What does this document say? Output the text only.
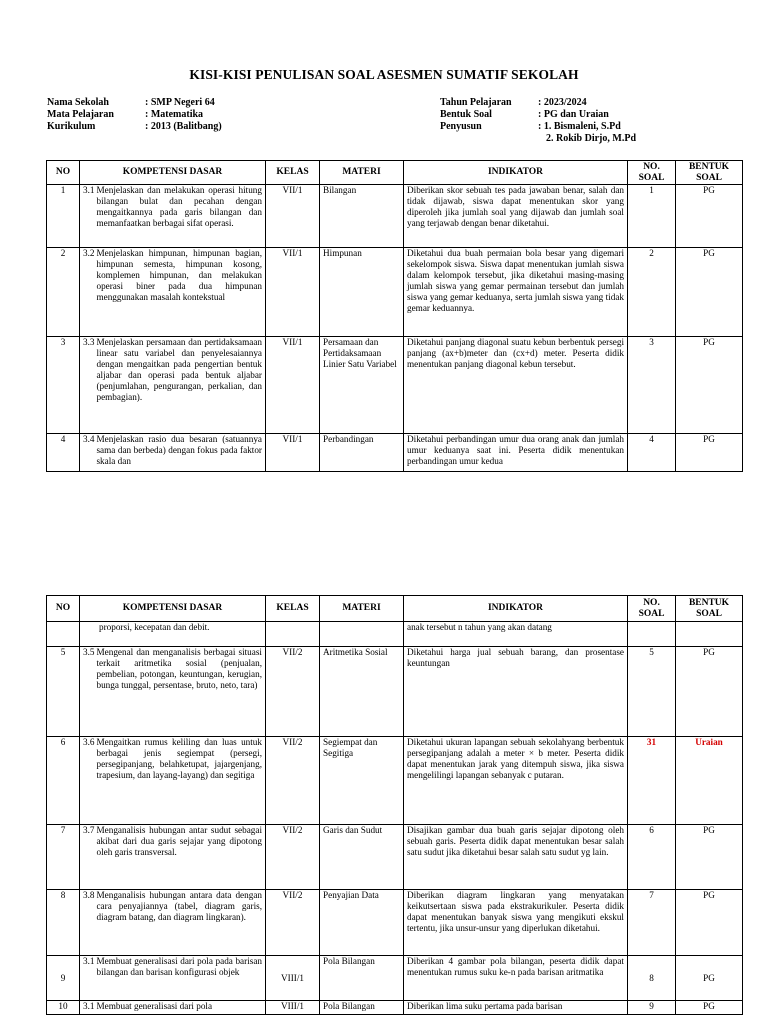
KISI-KISI PENULISAN SOAL ASESMEN SUMATIF SEKOLAH
Nama Sekolah	: SMP Negeri 64
Mata Pelajaran	: Matematika
Kurikulum	: 2013 (Balitbang)
Tahun Pelajaran	: 2023/2024
Bentuk Soal	: PG dan Uraian
Penyusun	: 1. Bismaleni, S.Pd
2. Rokib Dirjo, M.Pd
NO	KOMPETENSI DASAR	KELAS	MATERI	INDIKATOR	NO. SOAL	BENTUK SOAL
1	3.1 Menjelaskan dan melakukan operasi hitung bilangan bulat dan pecahan dengan mengaitkannya pada garis bilangan dan memanfaatkan berbagai sifat operasi.	VII/1	Bilangan	Diberikan skor sebuah tes pada jawaban benar, salah dan tidak dijawab, siswa dapat menentukan skor yang diperoleh jika jumlah soal yang dijawab dan jumlah soal yang terjawab dengan benar diketahui.	1	PG
2	3.2 Menjelaskan himpunan, himpunan bagian, himpunan semesta, himpunan kosong, komplemen himpunan, dan melakukan operasi biner pada dua himpunan menggunakan masalah kontekstual	VII/1	Himpunan	Diketahui dua buah permaian bola besar yang digemari sekelompok siswa. Siswa dapat menentukan jumlah siswa dalam kelompok tersebut, jika diketahui masing-masing jumlah siswa yang gemar permainan tersebut dan jumlah siswa yang gemar keduanya, serta jumlah siswa yang tidak gemar keduannya.	2	PG
3	3.3 Menjelaskan persamaan dan pertidaksamaan linear satu variabel dan penyelesaiannya dengan mengaitkan pada pengertian bentuk aljabar dan operasi pada bentuk aljabar (penjumlahan, pengurangan, perkalian, dan pembagian).	VII/1	Persamaan dan Pertidaksamaan Linier Satu Variabel	Diketahui panjang diagonal suatu kebun berbentuk persegi panjang (ax+b)meter dan (cx+d) meter. Peserta didik menentukan panjang diagonal kebun tersebut.	3	PG
4	3.4 Menjelaskan rasio dua besaran (satuannya sama dan berbeda) dengan fokus pada faktor skala dan	VII/1	Perbandingan	Diketahui perbandingan umur dua orang anak dan jumlah umur keduanya saat ini. Peserta didik menentukan perbandingan umur kedua	4	PG
NO	KOMPETENSI DASAR	KELAS	MATERI	INDIKATOR	NO. SOAL	BENTUK SOAL

	proporsi, kecepatan dan debit.			anak tersebut n tahun yang akan datang		
5	3.5 Mengenal dan menganalisis berbagai situasi terkait aritmetika sosial (penjualan, pembelian, potongan, keuntungan, kerugian, bunga tunggal, persentase, bruto, neto, tara)	VII/2	Aritmetika Sosial	Diketahui harga jual sebuah barang, dan prosentase keuntungan	5	PG
6	3.6 Mengaitkan rumus keliling dan luas untuk berbagai jenis segiempat (persegi, persegipanjang, belahketupat, jajargenjang, trapesium, dan layang-layang) dan segitiga	VII/2	Segiempat dan Segitiga	Diketahui ukuran lapangan sebuah sekolahyang berbentuk persegipanjang adalah a meter × b meter. Peserta didik dapat menentukan jarak yang ditempuh siswa, jika siswa mengelilingi lapangan sebanyak c putaran.	31	Uraian
7	3.7 Menganalisis hubungan antar sudut sebagai akibat dari dua garis sejajar yang dipotong oleh garis transversal.	VII/2	Garis dan Sudut	Disajikan gambar dua buah garis sejajar dipotong oleh sebuah garis. Peserta didik dapat menentukan besar salah satu sudut jika diketahui besar salah satu sudut yg lain.	6	PG
8	3.8 Menganalisis hubungan antara data dengan cara penyajiannya (tabel, diagram garis, diagram batang, dan diagram lingkaran).	VII/2	Penyajian Data	Diberikan diagram lingkaran yang menyatakan keikutsertaan siswa pada ekstrakurikuler. Peserta didik dapat menentukan banyak siswa yang mengikuti ekskul tertentu, jika unsur-unsur yang diperlukan diketahui.	7	PG
9	3.1 Membuat generalisasi dari pola pada barisan bilangan dan barisan konfigurasi objek	VIII/1	Pola Bilangan	Diberikan 4 gambar pola bilangan, peserta didik dapat menentukan rumus suku ke-n pada barisan aritmatika	8	PG
10	3.1 Membuat generalisasi dari pola	VIII/1	Pola Bilangan	Diberikan lima suku pertama pada barisan	9	PG
